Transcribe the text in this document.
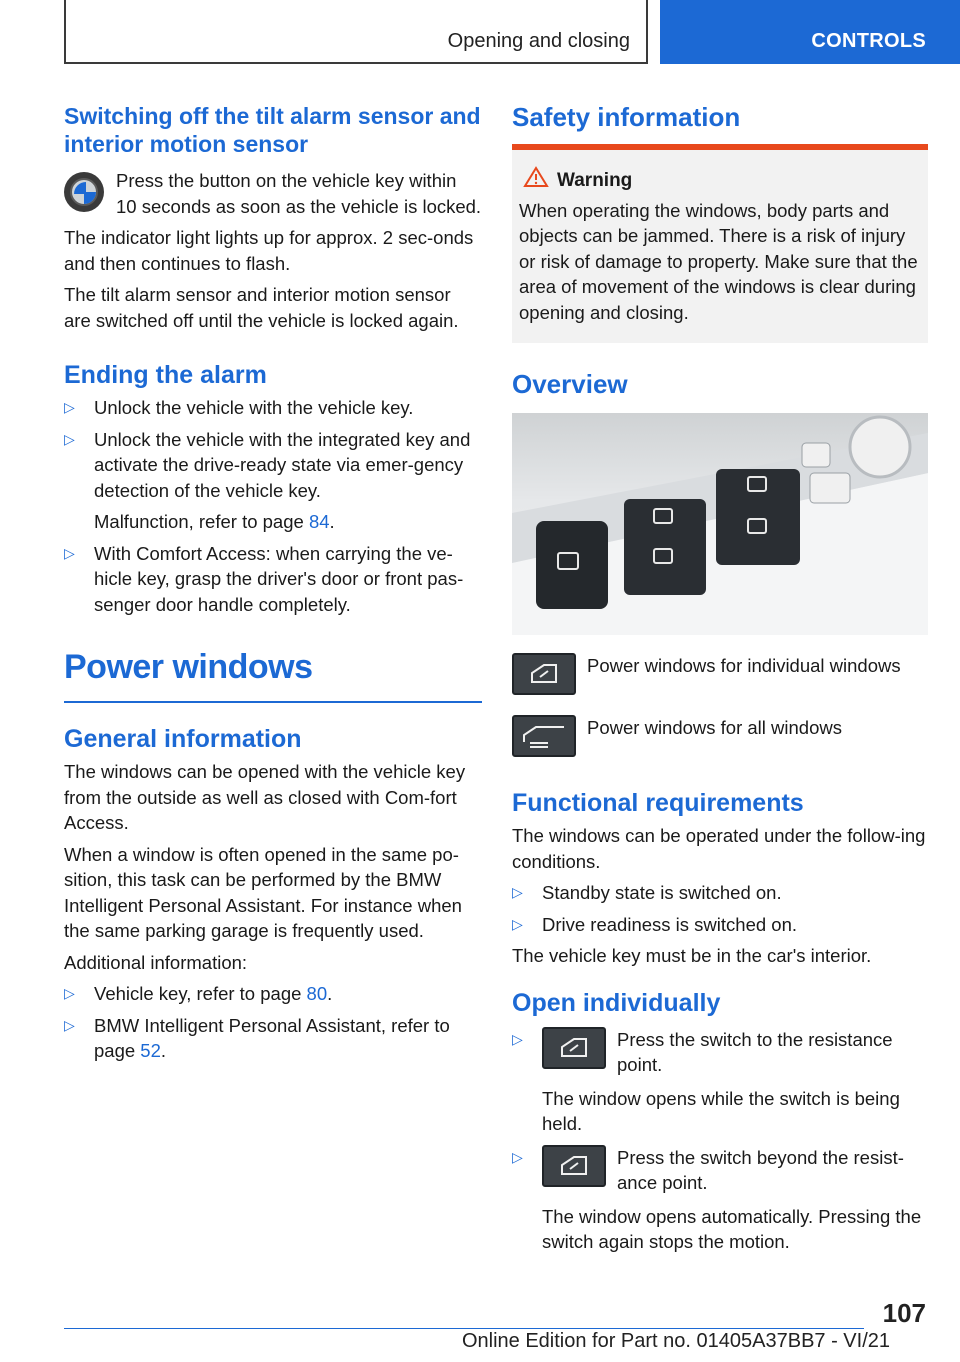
Opening and closing	CONTROLS
Switching off the tilt alarm sensor and interior motion sensor

Press the button on the vehicle key within 10 seconds as soon as the vehicle is locked.

The indicator light lights up for approx. 2 sec‐onds and then continues to flash.

The tilt alarm sensor and interior motion sensor are switched off until the vehicle is locked again.

Ending the alarm
▷ Unlock the vehicle with the vehicle key.
▷ Unlock the vehicle with the integrated key and activate the drive-ready state via emer‐gency detection of the vehicle key.
Malfunction, refer to page 84.
▷ With Comfort Access: when carrying the ve‐hicle key, grasp the driver's door or front pas‐senger door handle completely.
Power windows
General information

The windows can be opened with the vehicle key from the outside as well as closed with Com‐fort Access.

When a window is often opened in the same po‐sition, this task can be performed by the BMW Intelligent Personal Assistant. For instance when the same parking garage is frequently used.

Additional information:

▷ Vehicle key, refer to page 80.
▷ BMW Intelligent Personal Assistant, refer to page 52.
Safety information
Warning
When operating the windows, body parts and objects can be jammed. There is a risk of injury or risk of damage to property. Make sure that the area of movement of the windows is clear during opening and closing.
Overview
Power windows for individual windows
Power windows for all windows
Functional requirements

The windows can be operated under the follow‐ing conditions.

▷ Standby state is switched on.
▷ Drive readiness is switched on.

The vehicle key must be in the car's interior.

Open individually
▷	Press the switch to the resistance point.
The window opens while the switch is being held.
▷	Press the switch beyond the resist‐ance point.
The window opens automatically. Pressing the switch again stops the motion.
107
Online Edition for Part no. 01405A37BB7 - VI/21
